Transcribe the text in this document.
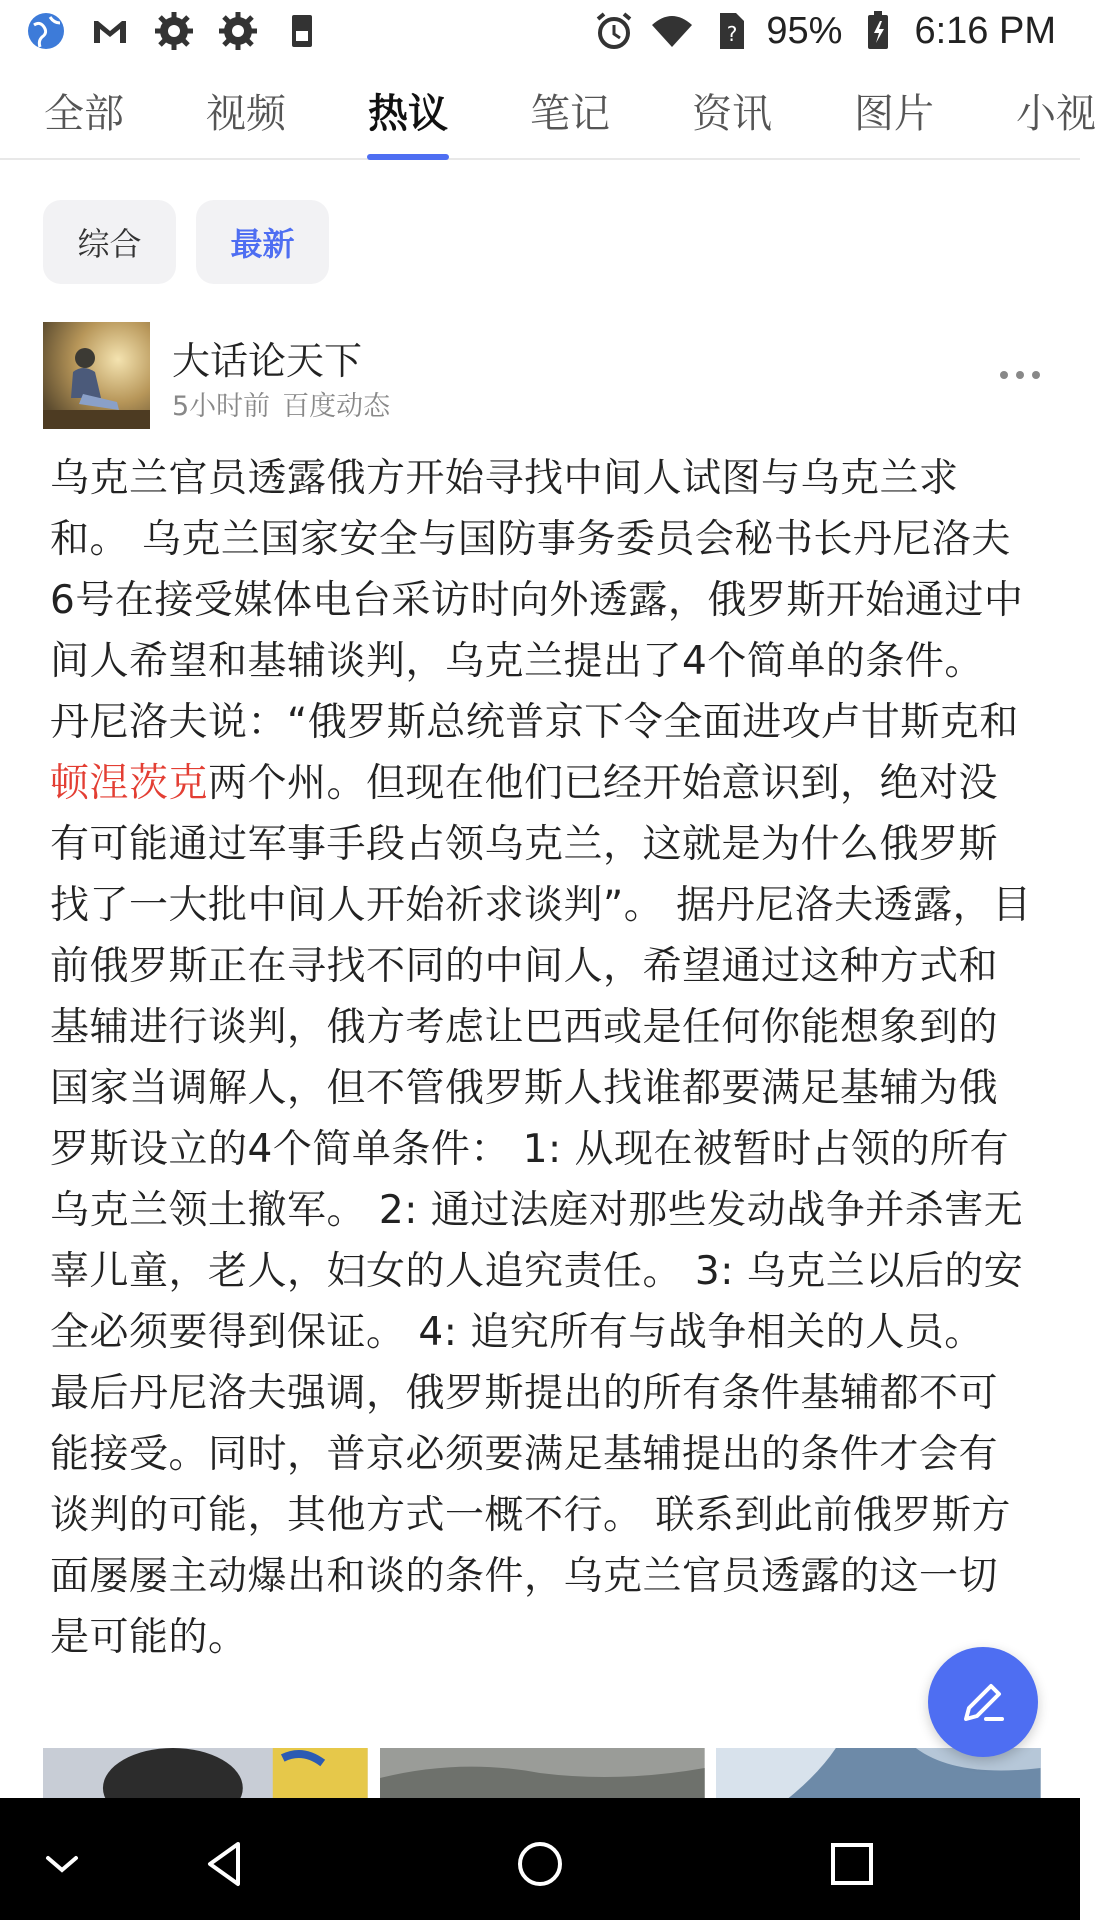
? 95% 6:16 PM
全部 视频 热议 笔记 资讯 图片 小视
综合	最新
大话论天下
5小时前 百度动态
乌克兰官员透露俄方开始寻找中间人试图与乌克兰求和。 乌克兰国家安全与国防事务委员会秘书长丹尼洛夫6号在接受媒体电台采访时向外透露，俄罗斯开始通过中间人希望和基辅谈判，乌克兰提出了4个简单的条件。 丹尼洛夫说：“俄罗斯总统普京下令全面进攻卢甘斯克和顿涅茨克两个州。但现在他们已经开始意识到，绝对没有可能通过军事手段占领乌克兰，这就是为什么俄罗斯找了一大批中间人开始祈求谈判”。 据丹尼洛夫透露，目前俄罗斯正在寻找不同的中间人，希望通过这种方式和基辅进行谈判，俄方考虑让巴西或是任何你能想象到的国家当调解人，但不管俄罗斯人找谁都要满足基辅为俄罗斯设立的4个简单条件： 1: 从现在被暂时占领的所有乌克兰领土撤军。 2: 通过法庭对那些发动战争并杀害无辜儿童，老人，妇女的人追究责任。 3: 乌克兰以后的安全必须要得到保证。 4: 追究所有与战争相关的人员。 最后丹尼洛夫强调，俄罗斯提出的所有条件基辅都不可能接受。同时，普京必须要满足基辅提出的条件才会有谈判的可能，其他方式一概不行。 联系到此前俄罗斯方面屡屡主动爆出和谈的条件，乌克兰官员透露的这一切是可能的。
